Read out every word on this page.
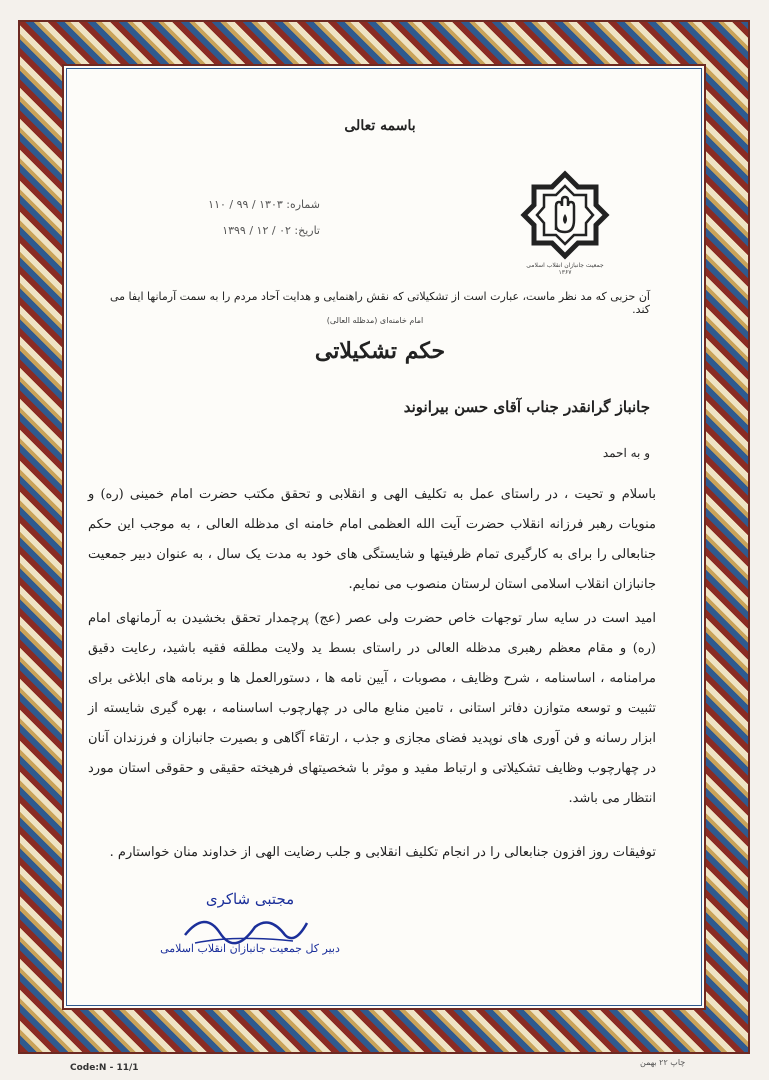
باسمه تعالی
شماره: ۱۳۰۳ / ۹۹ / ۱۱۰
تاریخ: ۰۲ / ۱۲ / ۱۳۹۹
جمعیت جانبازان انقلاب اسلامی ۱۳۶۷
آن حزبی که مد نظر ماست، عبارت است از تشکیلاتی که نقش راهنمایی و هدایت آحاد مردم را به سمت آرمانها ایفا می کند.
امام خامنه‌ای (مدظله العالی)
حکم تشکیلاتی
جانباز گرانقدر جناب آقای حسن بیرانوند
و به احمد

باسلام و تحیت ، در راستای عمل به تکلیف الهی و انقلابی و تحقق مکتب حضرت امام خمینی (ره) و منویات رهبر فرزانه انقلاب حضرت آیت الله العظمی امام خامنه ای مدظله العالی ، به موجب این حکم جنابعالی را برای به کارگیری تمام ظرفیتها و شایستگی های خود به مدت یک سال ، به عنوان دبیر جمعیت جانبازان انقلاب اسلامی استان لرستان منصوب می نمایم.

امید است در سایه سار توجهات خاص حضرت ولی عصر (عج) پرچمدار تحقق بخشیدن به آرمانهای امام (ره) و مقام معظم رهبری مدظله العالی در راستای بسط ید ولایت مطلقه فقیه باشید، رعایت دقیق مرامنامه ، اساسنامه ، شرح وظایف ، مصوبات ، آیین نامه ها ، دستورالعمل ها و برنامه های ابلاغی برای تثبیت و توسعه متوازن دفاتر استانی ، تامین منابع مالی در چهارچوب اساسنامه ، بهره گیری شایسته از ابزار رسانه و فن آوری های نوپدید فضای مجازی و جذب ، ارتقاء آگاهی و بصیرت جانبازان و فرزندان آنان در چهارچوب وظایف تشکیلاتی و ارتباط مفید و موثر با شخصیتهای فرهیخته حقیقی و حقوقی استان مورد انتظار می باشد.

توفیقات روز افزون جنابعالی را در انجام تکلیف انقلابی و جلب رضایت الهی از خداوند منان خواستارم .
مجتبی شاکری
دبیر کل جمعیت جانبازان انقلاب اسلامی
Code:N - 11/1
چاپ ۲۲ بهمن
